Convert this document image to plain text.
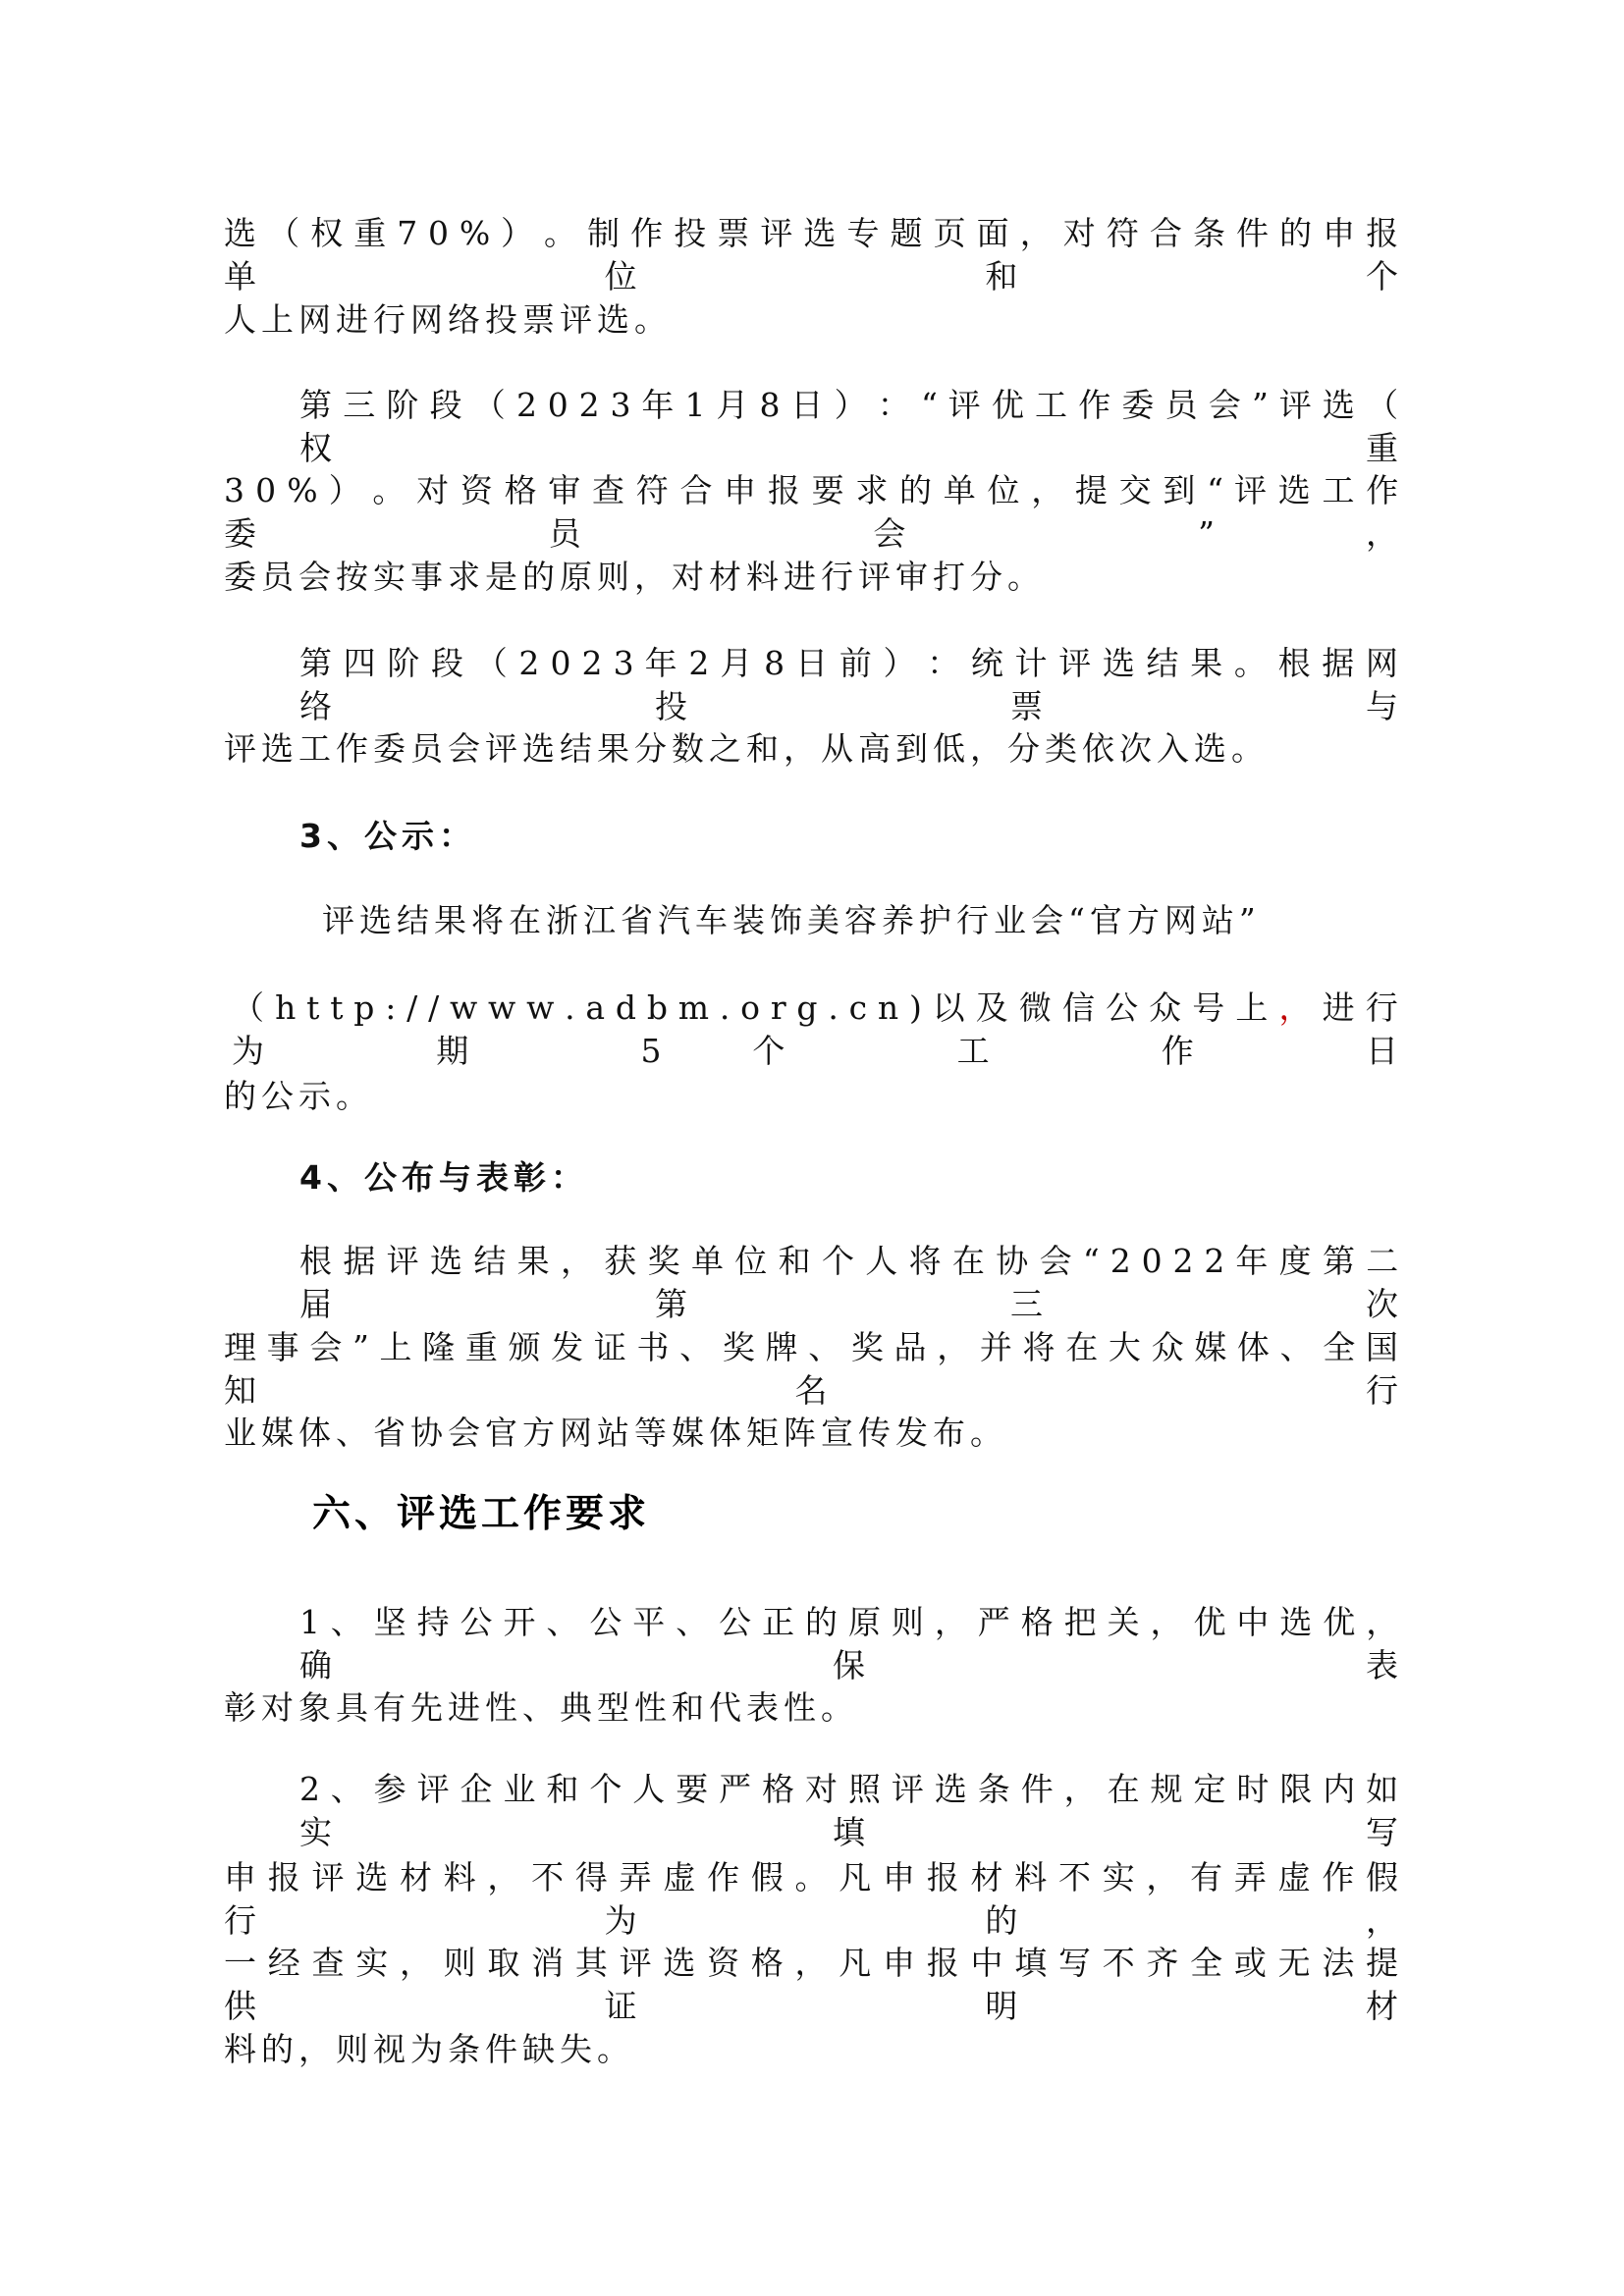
选 （ 权 重 7 0 % ） 。 制 作 投 票 评 选 专 题 页 面 ， 对 符 合 条 件 的 申 报 单	位	和	个
人上网进行网络投票评选。
第 三 阶 段 （ 2 0 2 3 年 1 月 8 日 ） ： “ 评 优 工 作 委 员 会 ” 评 选 （ 权	重
3 0 % ） 。 对 资 格 审 查 符 合 申 报 要 求 的 单 位 ， 提 交 到 “ 评 选 工 作 委	员	会	”	，
委员会按实事求是的原则，对材料进行评审打分。
第 四 阶 段 （ 2 0 2 3 年 2 月 8 日 前 ） ： 统 计 评 选 结 果 。 根 据 网 络	投	票	与
评选工作委员会评选结果分数之和，从高到低，分类依次入选。
3、公示：
评选结果将在浙江省汽车装饰美容养护行业会“官方网站”
（ h t t p : / / w w w . a d b m . o r g . c n ) 以 及 微 信 公 众 号 上 ， 进 行 为	期	5	个	工	作	日
的公示。
4、公布与表彰：
根 据 评 选 结 果 ， 获 奖 单 位 和 个 人 将 在 协 会 “ 2 0 2 2 年 度 第 二 届	第	三	次
理 事 会 ” 上 隆 重 颁 发 证 书 、 奖 牌 、 奖 品 ， 并 将 在 大 众 媒 体 、 全 国 知	名	行
业媒体、省协会官方网站等媒体矩阵宣传发布。
六、评选工作要求
1 、 坚 持 公 开 、 公 平 、 公 正 的 原 则 ， 严 格 把 关 ， 优 中 选 优 ， 确	保	表
彰对象具有先进性、典型性和代表性。
2 、 参 评 企 业 和 个 人 要 严 格 对 照 评 选 条 件 ， 在 规 定 时 限 内 如 实	填	写
申 报 评 选 材 料 ， 不 得 弄 虚 作 假 。 凡 申 报 材 料 不 实 ， 有 弄 虚 作 假 行	为	的	，
一 经 查 实 ， 则 取 消 其 评 选 资 格 ， 凡 申 报 中 填 写 不 齐 全 或 无 法 提 供	证	明	材
料的，则视为条件缺失。
